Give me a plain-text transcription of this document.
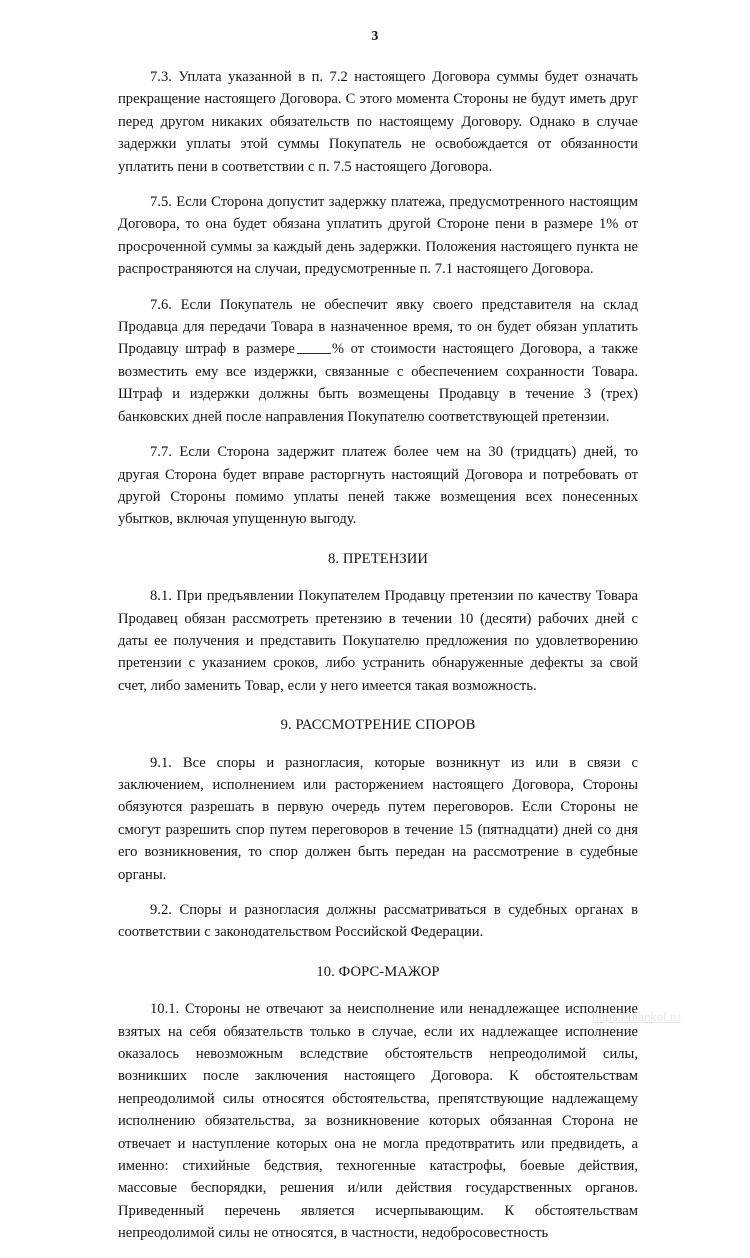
3

7.3. Уплата указанной в п. 7.2 настоящего Договора суммы будет означать прекращение настоящего Договора. С этого момента Стороны не будут иметь друг перед другом никаких обязательств по настоящему Договору. Однако в случае задержки уплаты этой суммы Покупатель не освобождается от обязанности уплатить пени в соответствии с п. 7.5 настоящего Договора.

7.5. Если Сторона допустит задержку платежа, предусмотренного настоящим Договора, то она будет обязана уплатить другой Стороне пени в размере 1% от просроченной суммы за каждый день задержки. Положения настоящего пункта не распространяются на случаи, предусмотренные п. 7.1 настоящего Договора.

7.6. Если Покупатель не обеспечит явку своего представителя на склад Продавца для передачи Товара в назначенное время, то он будет обязан уплатить Продавцу штраф в размере	% от стоимости настоящего Договора, а также возместить ему все издержки, связанные с обеспечением сохранности Товара. Штраф и издержки должны быть возмещены Продавцу в течение 3 (трех) банковских дней после направления Покупателю соответствующей претензии.

7.7. Если Сторона задержит платеж более чем на 30 (тридцать) дней, то другая Сторона будет вправе расторгнуть настоящий Договора и потребовать от другой Стороны помимо уплаты пеней также возмещения всех понесенных убытков, включая упущенную выгоду.

8. ПРЕТЕНЗИИ

8.1. При предъявлении Покупателем Продавцу претензии по качеству Товара Продавец обязан рассмотреть претензию в течении 10 (десяти) рабочих дней с даты ее получения и представить Покупателю предложения по удовлетворению претензии с указанием сроков, либо устранить обнаруженные дефекты за свой счет, либо заменить Товар, если у него имеется такая возможность.

9. РАССМОТРЕНИЕ СПОРОВ

9.1. Все споры и разногласия, которые возникнут из или в связи с заключением, исполнением или расторжением настоящего Договора, Стороны обязуются разрешать в первую очередь путем переговоров. Если Стороны не смогут разрешить спор путем переговоров в течение 15 (пятнадцати) дней со дня его возникновения, то спор должен быть передан на рассмотрение в судебные органы.

9.2. Споры и разногласия должны рассматриваться в судебных органах в соответствии с законодательством Российской Федерации.

10. ФОРС-МАЖОР

10.1. Стороны не отвечают за неисполнение или ненадлежащее исполнение взятых на себя обязательств только в случае, если их надлежащее исполнение оказалось невозможным вследствие обстоятельств непреодолимой силы, возникших после заключения настоящего Договора. К обстоятельствам непреодолимой силы относятся обстоятельства, препятствующие надлежащему исполнению обязательства, за возникновение которых обязанная Сторона не отвечает и наступление которых она не могла предотвратить или предвидеть, а именно: стихийные бедствия, техногенные катастрофы, боевые действия, массовые беспорядки, решения и/или действия государственных органов. Приведенный перечень является исчерпывающим. К обстоятельствам непреодолимой силы не относятся, в частности, недобросовестность

https://blankof.ru
